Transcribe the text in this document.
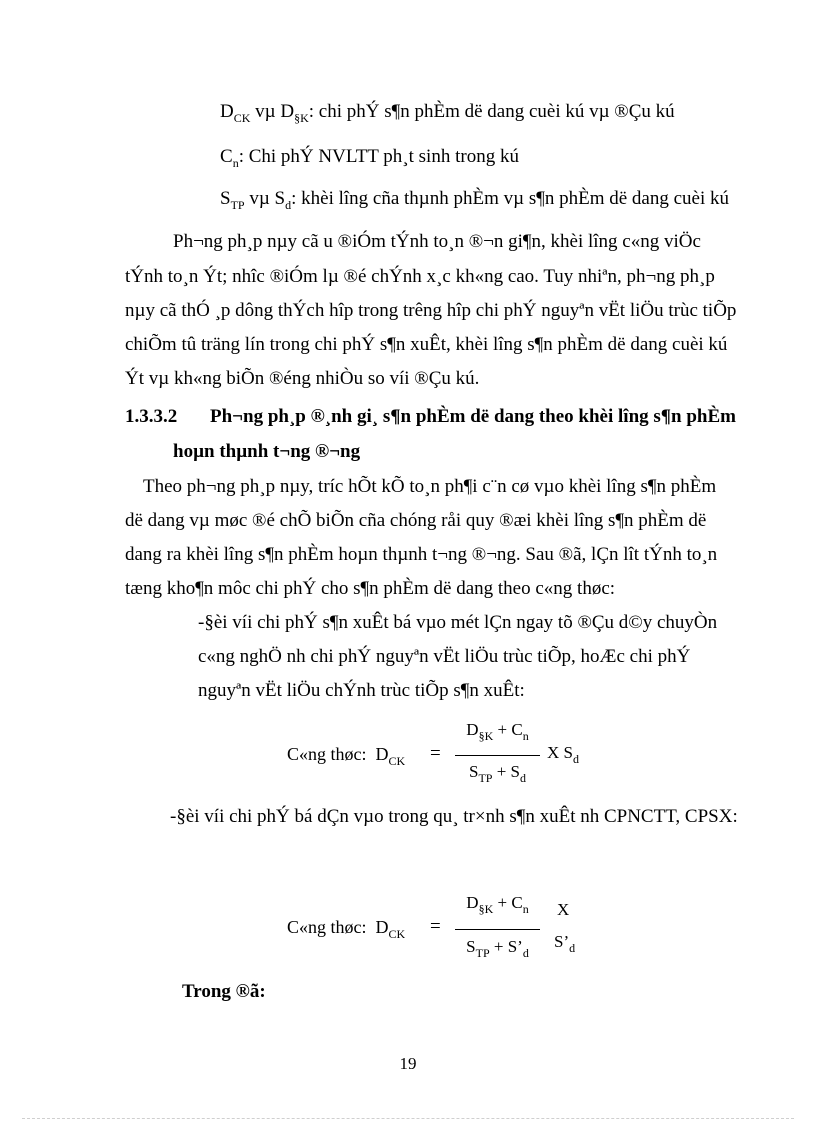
$D_{CK}$ vµ $D_{\S K}$: chi phÝ s¶n phÈm dë dang cuèi kú vµ ®Çu kú
$C_n$: Chi phÝ NVLTT ph¸t sinh trong kú
$S_{TP}$ vµ $S_d$: khèi lîng cña thµnh phÈm vµ s¶n phÈm dë dang cuèi kú
Ph¬ng ph¸p nµy cã u ®iÓm tÝnh to¸n ®¬n gi¶n, khèi lîng c«ng viÖc
tÝnh to¸n Ýt; nhîc ®iÓm lµ ®é chÝnh x¸c kh«ng cao. Tuy nhiªn, ph¬ng ph¸p
nµy cã thÓ ¸p dông thÝch hîp trong trêng hîp chi phÝ nguyªn vËt liÖu trùc tiÕp
chiÕm tû träng lín trong chi phÝ s¶n xuÊt, khèi lîng s¶n phÈm dë dang cuèi kú
Ýt vµ kh«ng biÕn ®éng nhiÒu so víi ®Çu kú.
1.3.3.2 Ph¬ng ph¸p ®¸nh gi¸ s¶n phÈm dë dang theo khèi lîng s¶n phÈm
hoµn thµnh t¬ng ®¬ng
Theo ph¬ng ph¸p nµy, tríc hÕt kÕ to¸n ph¶i c¨n cø vµo khèi lîng s¶n phÈm
dë dang vµ møc ®é chÕ biÕn cña chóng råi quy ®æi khèi lîng s¶n phÈm dë
dang ra khèi lîng s¶n phÈm hoµn thµnh t¬ng ®¬ng. Sau ®ã, lÇn lît tÝnh to¸n
tæng kho¶n môc chi phÝ cho s¶n phÈm dë dang theo c«ng thøc:
-§èi víi chi phÝ s¶n xuÊt bá vµo mét lÇn ngay tõ ®Çu d©y chuyÒn
c«ng nghÖ nh chi phÝ nguyªn vËt liÖu trùc tiÕp, hoÆc chi phÝ
nguyªn vËt liÖu chÝnh trùc tiÕp s¶n xuÊt:
C«ng thøc: $D_{CK}$ =
$D_{\S K} + C_n$
$S_{TP} + S_d$
X $S_d$
-§èi víi chi phÝ bá dÇn vµo trong qu¸ tr×nh s¶n xuÊt nh CPNCTT, CPSX:
C«ng thøc: $D_{CK}$ =
$D_{\S K} + C_n$
$S_{TP}$ + $S’_d$
X
$S’_d$
Trong ®ã:
19
